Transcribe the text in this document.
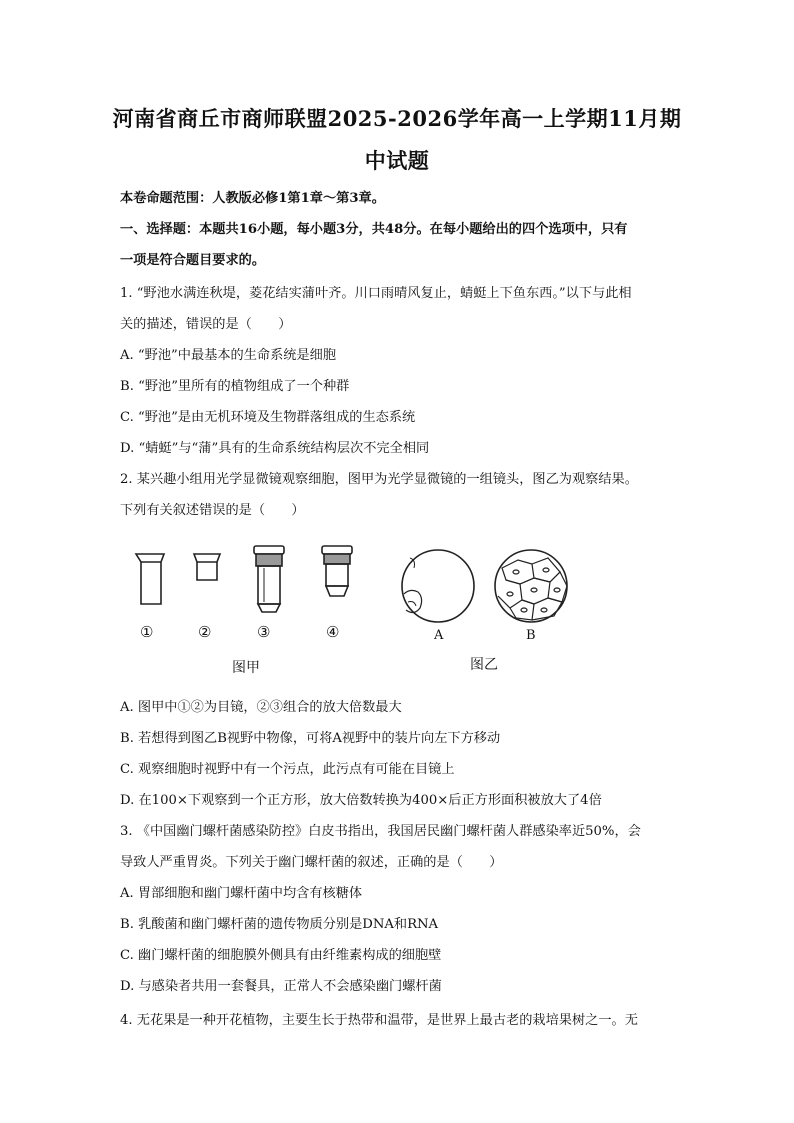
河南省商丘市商师联盟2025-2026学年高一上学期11月期
中试题
本卷命题范围：人教版必修1第1章～第3章。
一、选择题：本题共16小题，每小题3分，共48分。在每小题给出的四个选项中，只有
一项是符合题目要求的。
1. “野池水满连秋堤，菱花结实蒲叶齐。川口雨晴风复止，蜻蜓上下鱼东西。”以下与此相
关的描述，错误的是（　　）
A. “野池”中最基本的生命系统是细胞
B. “野池”里所有的植物组成了一个种群
C. “野池”是由无机环境及生物群落组成的生态系统
D. “蜻蜓”与“蒲”具有的生命系统结构层次不完全相同
2. 某兴趣小组用光学显微镜观察细胞，图甲为光学显微镜的一组镜头，图乙为观察结果。
下列有关叙述错误的是（　　）
①	②	③	④	A	B
图甲	图乙
A. 图甲中①②为目镜，②③组合的放大倍数最大
B. 若想得到图乙B视野中物像，可将A视野中的装片向左下方移动
C. 观察细胞时视野中有一个污点，此污点有可能在目镜上
D. 在100×下观察到一个正方形，放大倍数转换为400×后正方形面积被放大了4倍
3. 《中国幽门螺杆菌感染防控》白皮书指出，我国居民幽门螺杆菌人群感染率近50%，会
导致人严重胃炎。下列关于幽门螺杆菌的叙述，正确的是（　　）
A. 胃部细胞和幽门螺杆菌中均含有核糖体
B. 乳酸菌和幽门螺杆菌的遗传物质分别是DNA和RNA
C. 幽门螺杆菌的细胞膜外侧具有由纤维素构成的细胞壁
D. 与感染者共用一套餐具，正常人不会感染幽门螺杆菌
4. 无花果是一种开花植物，主要生长于热带和温带，是世界上最古老的栽培果树之一。无
